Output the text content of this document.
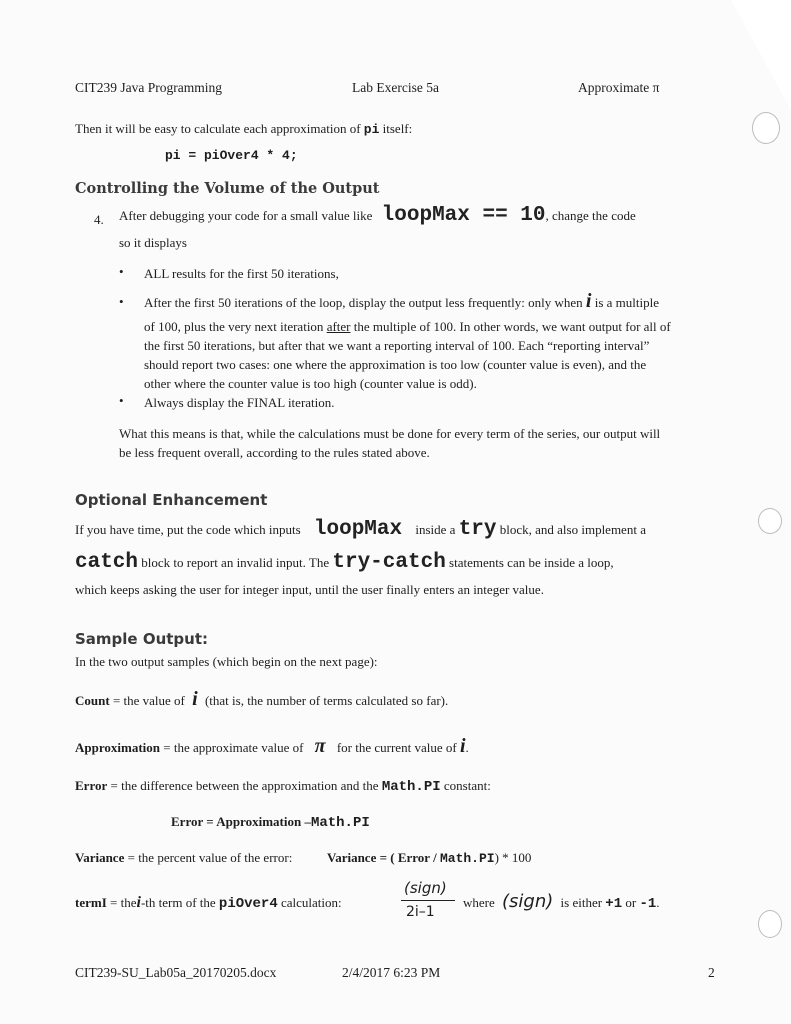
CIT239 Java Programming	Lab Exercise 5a	Approximate π
Then it will be easy to calculate each approximation of pi itself:
pi = piOver4 * 4;
Controlling the Volume of the Output
4. After debugging your code for a small value like loopMax == 10, change the code
so it displays
• ALL results for the first 50 iterations,
• After the first 50 iterations of the loop, display the output less frequently: only when i is a multiple
of 100, plus the very next iteration after the multiple of 100. In other words, we want output for all of
the first 50 iterations, but after that we want a reporting interval of 100. Each “reporting interval”
should report two cases: one where the approximation is too low (counter value is even), and the
other where the counter value is too high (counter value is odd).
• Always display the FINAL iteration.
What this means is that, while the calculations must be done for every term of the series, our output will
be less frequent overall, according to the rules stated above.
Optional Enhancement
If you have time, put the code which inputs loopMax inside a try block, and also implement a
catch block to report an invalid input. The try-catch statements can be inside a loop,
which keeps asking the user for integer input, until the user finally enters an integer value.
Sample Output:
In the two output samples (which begin on the next page):
Count = the value of i (that is, the number of terms calculated so far).
Approximation = the approximate value of π for the current value of i.
Error = the difference between the approximation and the Math.PI constant:
Error = Approximation –Math.PI
Variance = the percent value of the error:	Variance = ( Error / Math.PI) * 100
termI = thei-th term of the piOver4 calculation:
(sign)
2i–1
where (sign) is either +1 or -1.
CIT239-SU_Lab05a_20170205.docx	2/4/2017 6:23 PM	2
